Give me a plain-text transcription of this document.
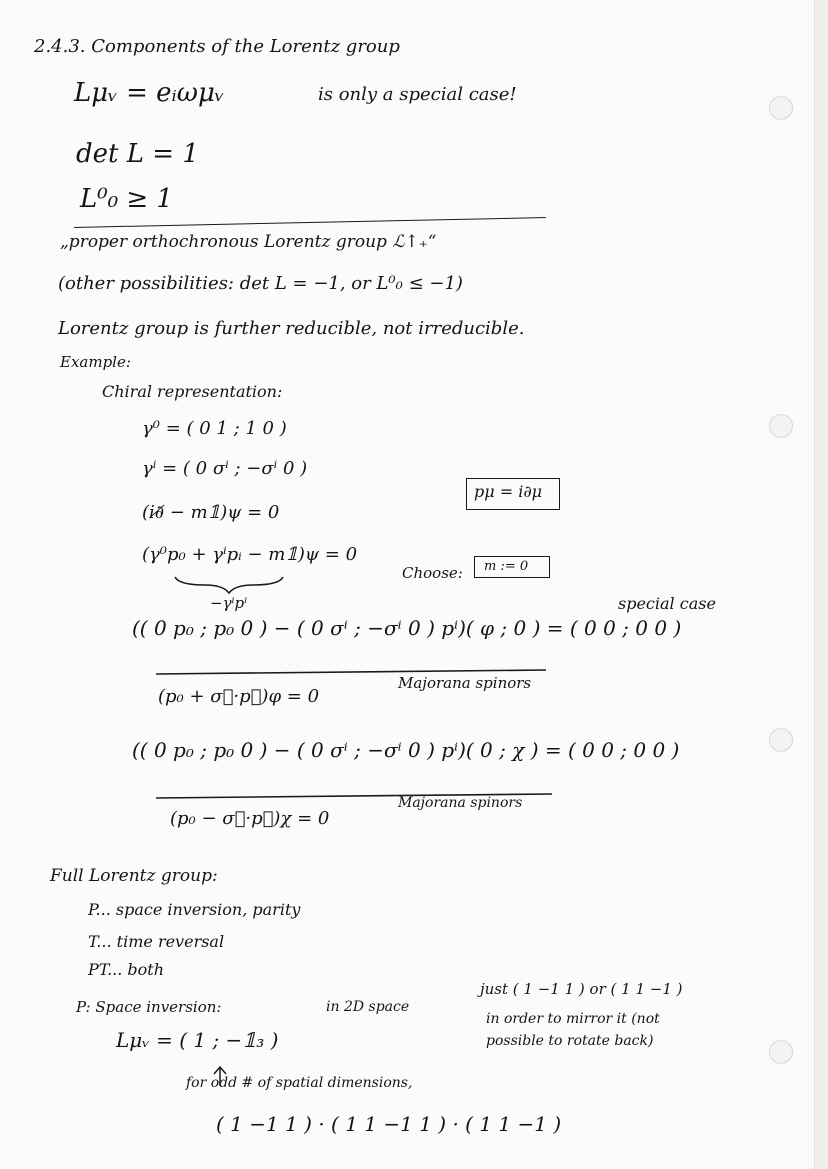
2.4.3. Components of the Lorentz group
Lμᵥ = eᵢωμᵥ	is only a special case!
det L = 1
L⁰₀ ≥ 1
„proper orthochronous Lorentz group ℒ↑₊“
(other possibilities: det L = −1, or L⁰₀ ≤ −1)
Lorentz group is further reducible, not irreducible.
Example:
Chiral representation:
γ⁰ = ( 0 1 ; 1 0 )
γⁱ = ( 0 σⁱ ; −σⁱ 0 )
pμ = i∂μ
(i∂̸ − m𝟙)ψ = 0
(γ⁰p₀ + γⁱpᵢ − m𝟙)ψ = 0
Choose: m := 0
−γⁱpⁱ
(( 0 p₀ ; p₀ 0 ) − ( 0 σⁱ ; −σⁱ 0 ) pⁱ)( φ ; 0 ) = ( 0 0 ; 0 0 )
special case
(p₀ + σ⃗·p⃗)φ = 0
Majorana spinors
(( 0 p₀ ; p₀ 0 ) − ( 0 σⁱ ; −σⁱ 0 ) pⁱ)( 0 ; χ ) = ( 0 0 ; 0 0 )
(p₀ − σ⃗·p⃗)χ = 0
Majorana spinors
Full Lorentz group:
P... space inversion, parity
T... time reversal
PT... both
P: Space inversion:
Lμᵥ = ( 1 ; −𝟙₃ )
in 2D space
just ( 1 −1 1 ) or ( 1 1 −1 )
in order to mirror it (not
possible to rotate back)
for odd # of spatial dimensions,
( 1 −1 1 ) · ( 1 1 −1 1 ) · ( 1 1 −1 )
